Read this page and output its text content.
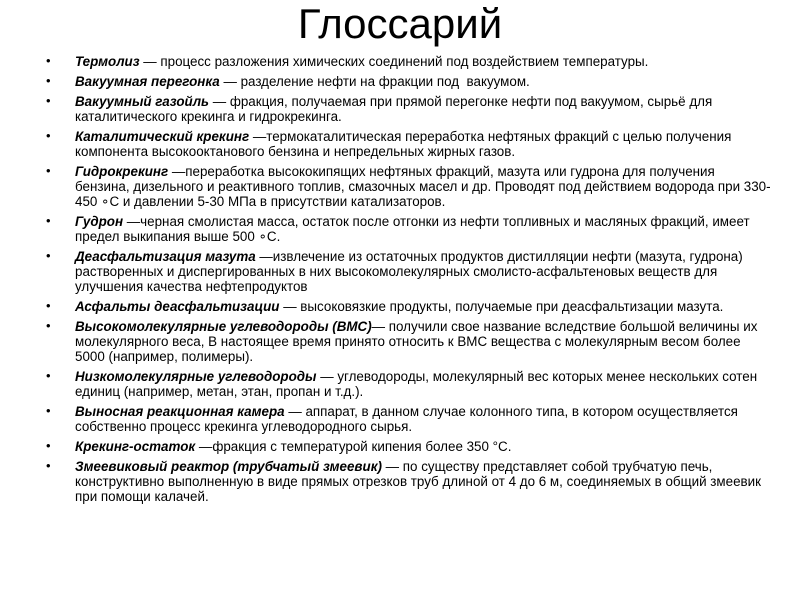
Глоссарий
• Термолиз — процесс разложения химических соединений под воздействием температуры.
• Вакуумная перегонка — разделение нефти на фракции под  вакуумом.
• Вакуумный газойль — фракция, получаемая при прямой перегонке нефти под вакуумом, сырьё для каталитического крекинга и гидрокрекинга.
• Каталитический крекинг —термокаталитическая переработка нефтяных фракций с целью получения компонента высокооктанового бензина и непредельных жирных газов.
• Гидрокрекинг —переработка высококипящих нефтяных фракций, мазута или гудрона для получения бензина, дизельного и реактивного топлив, смазочных масел и др. Проводят под действием водорода при 330-450 ∘С и давлении 5-30 МПа в присутствии катализаторов.
• Гудрон —черная смолистая масса, остаток после отгонки из нефти топливных и масляных фракций, имеет предел выкипания выше 500 ∘С.
• Деасфальтизация мазута —извлечение из остаточных продуктов дистилляции нефти (мазута, гудрона) растворенных и диспергированных в них высокомолекулярных смолисто-асфальтеновых веществ для улучшения качества нефтепродуктов
• Асфальты деасфальтизации — высоковязкие продукты, получаемые при деасфальтизации мазута.
• Высокомолекулярные углеводороды (ВМС)— получили свое название вследствие большой величины их молекулярного веса, В настоящее время принято относить к ВМС вещества с молекулярным весом более 5000 (например, полимеры).
• Низкомолекулярные углеводороды — углеводороды, молекулярный вес которых менее нескольких сотен единиц (например, метан, этан, пропан и т.д.).
• Выносная реакционная камера — аппарат, в данном случае колонного типа, в котором осуществляется собственно процесс крекинга углеводородного сырья.
• Крекинг-остаток —фракция с температурой кипения более 350 °C.
• Змеевиковый реактор (трубчатый змеевик) — по существу представляет собой трубчатую печь, конструктивно выполненную в виде прямых отрезков труб длиной от 4 до 6 м, соединяемых в общий змеевик при помощи калачей.
